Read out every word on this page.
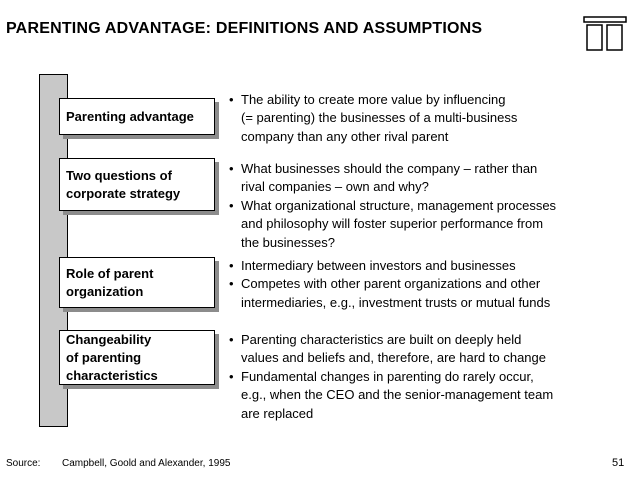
PARENTING ADVANTAGE: DEFINITIONS AND ASSUMPTIONS
Parenting advantage
• The ability to create more value by influencing
(= parenting) the businesses of a multi-business
company than any other rival parent
Two questions of
corporate strategy
• What businesses should the company – rather than
rival companies – own and why?
• What organizational structure, management processes
and philosophy will foster superior performance from
the businesses?
Role of parent
organization
• Intermediary between investors and businesses
• Competes with other parent organizations and other
intermediaries, e.g., investment trusts or mutual funds
Changeability
of parenting
characteristics
• Parenting characteristics are built on deeply held
values and beliefs and, therefore, are hard to change
• Fundamental changes in parenting do rarely occur,
e.g., when the CEO and the senior-management team
are replaced
Source: Campbell, Goold and Alexander, 1995	51
